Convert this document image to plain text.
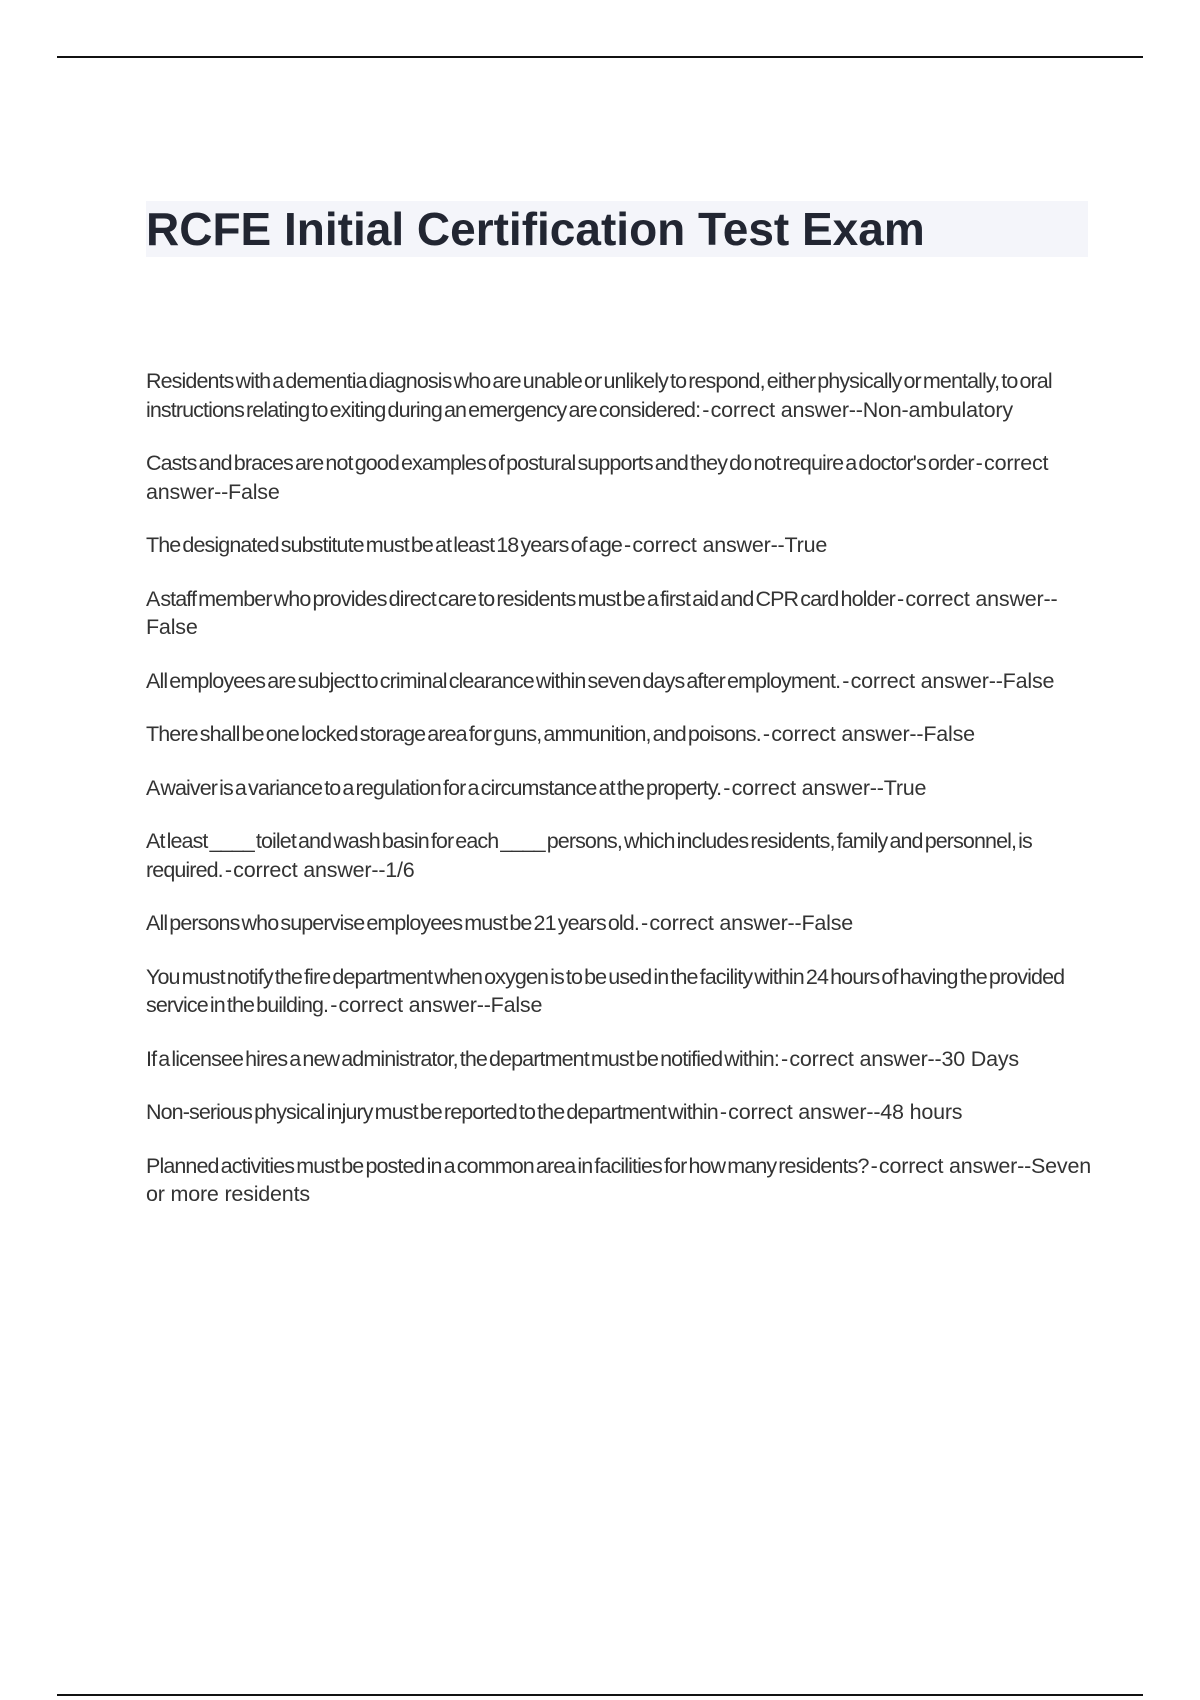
RCFE Initial Certification Test Exam

Residents with a dementia diagnosis who are unable or unlikely to respond, either physically or mentally, to oral instructions relating to exiting during an emergency are considered: - correct answer--Non-ambulatory

Casts and braces are not good examples of postural supports and they do not require a doctor's order - correct answer--False

The designated substitute must be at least 18 years of age - correct answer--True

A staff member who provides direct care to residents must be a first aid and CPR card holder - correct answer--False

All employees are subject to criminal clearance within seven days after employment. - correct answer--False

There shall be one locked storage area for guns, ammunition, and poisons. - correct answer--False

A waiver is a variance to a regulation for a circumstance at the property. - correct answer--True

At least ____ toilet and wash basin for each ____ persons, which includes residents, family and personnel, is required. - correct answer--1/6

All persons who supervise employees must be 21 years old. - correct answer--False

You must notify the fire department when oxygen is to be used in the facility within 24 hours of having the provided service in the building. - correct answer--False

If a licensee hires a new administrator, the department must be notified within: - correct answer--30 Days

Non-serious physical injury must be reported to the department within - correct answer--48 hours

Planned activities must be posted in a common area in facilities for how many residents? - correct answer--Seven or more residents
